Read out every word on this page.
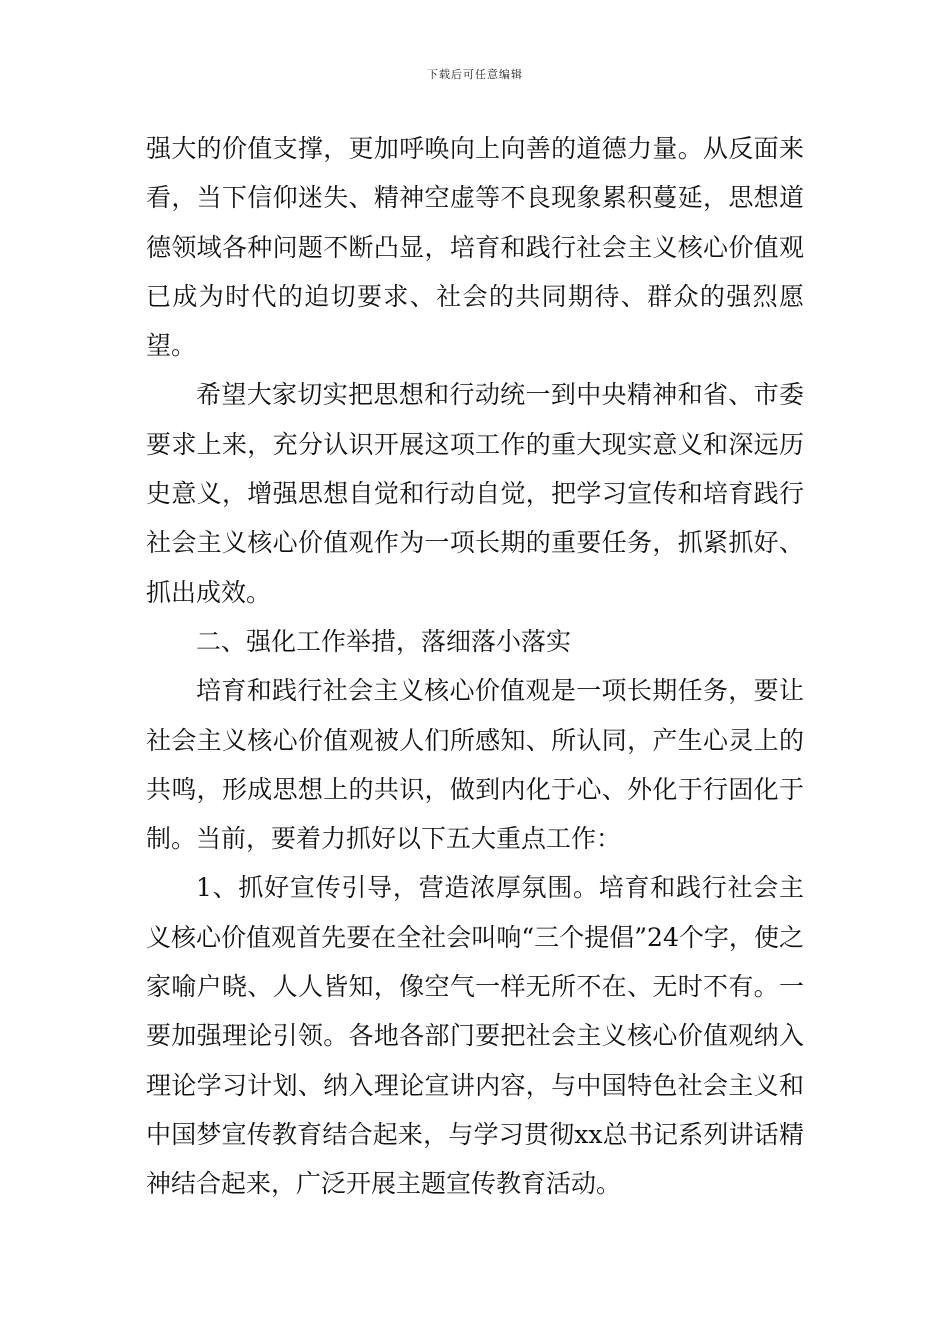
下载后可任意编辑

强大的价值支撑，更加呼唤向上向善的道德力量。从反面来看，当下信仰迷失、精神空虚等不良现象累积蔓延，思想道德领域各种问题不断凸显，培育和践行社会主义核心价值观已成为时代的迫切要求、社会的共同期待、群众的强烈愿望。

希望大家切实把思想和行动统一到中央精神和省、市委要求上来，充分认识开展这项工作的重大现实意义和深远历史意义，增强思想自觉和行动自觉，把学习宣传和培育践行社会主义核心价值观作为一项长期的重要任务，抓紧抓好、抓出成效。

二、强化工作举措，落细落小落实

培育和践行社会主义核心价值观是一项长期任务，要让社会主义核心价值观被人们所感知、所认同，产生心灵上的共鸣，形成思想上的共识，做到内化于心、外化于行固化于制。当前，要着力抓好以下五大重点工作：

1、抓好宣传引导，营造浓厚氛围。培育和践行社会主义核心价值观首先要在全社会叫响“三个提倡”24个字，使之家喻户晓、人人皆知，像空气一样无所不在、无时不有。一要加强理论引领。各地各部门要把社会主义核心价值观纳入理论学习计划、纳入理论宣讲内容，与中国特色社会主义和中国梦宣传教育结合起来，与学习贯彻xx总书记系列讲话精神结合起来，广泛开展主题宣传教育活动。
